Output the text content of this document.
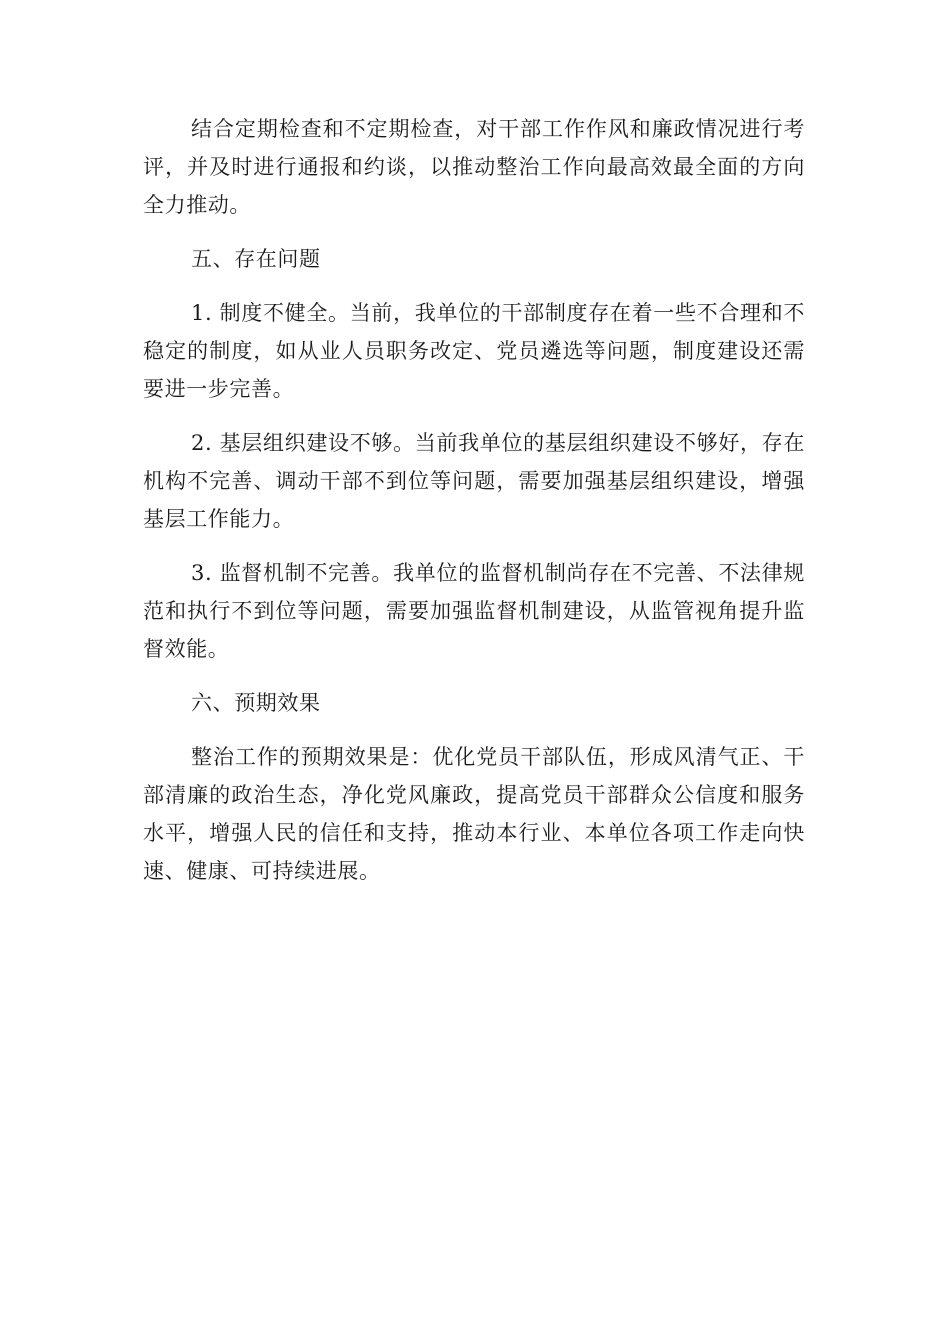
结合定期检查和不定期检查，对干部工作作风和廉政情况进行考评，并及时进行通报和约谈，以推动整治工作向最高效最全面的方向全力推动。

五、存在问题

1. 制度不健全。当前，我单位的干部制度存在着一些不合理和不稳定的制度，如从业人员职务改定、党员遴选等问题，制度建设还需要进一步完善。

2. 基层组织建设不够。当前我单位的基层组织建设不够好，存在机构不完善、调动干部不到位等问题，需要加强基层组织建设，增强基层工作能力。

3. 监督机制不完善。我单位的监督机制尚存在不完善、不法律规范和执行不到位等问题，需要加强监督机制建设，从监管视角提升监督效能。

六、预期效果

整治工作的预期效果是：优化党员干部队伍，形成风清气正、干部清廉的政治生态，净化党风廉政，提高党员干部群众公信度和服务水平，增强人民的信任和支持，推动本行业、本单位各项工作走向快速、健康、可持续进展。
